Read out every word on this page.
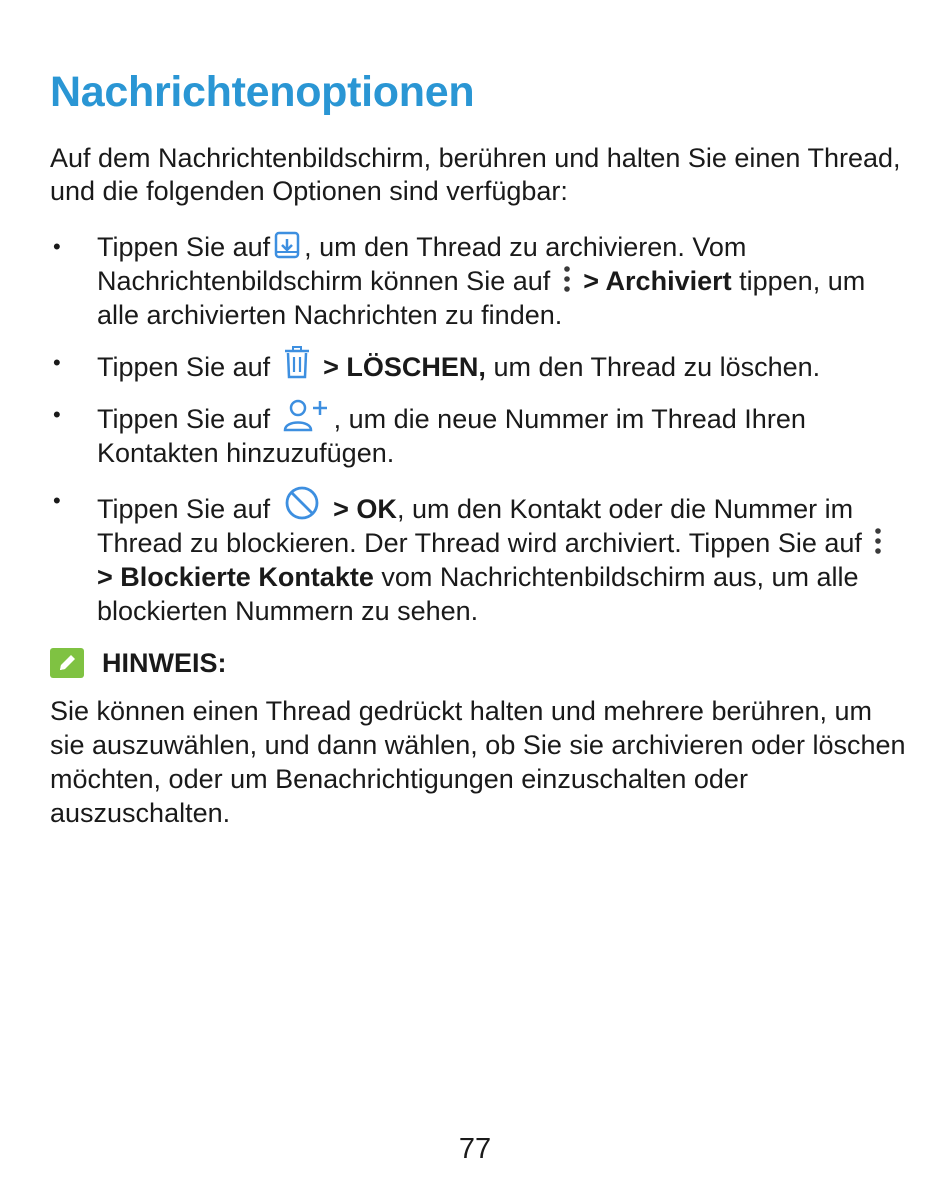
Nachrichtenoptionen

Auf dem Nachrichtenbildschirm, berühren und halten Sie einen Thread, und die folgenden Optionen sind verfügbar:

• Tippen Sie auf , um den Thread zu archivieren. Vom Nachrichtenbildschirm können Sie auf > Archiviert tippen, um alle archivierten Nachrichten zu finden.
• Tippen Sie auf > LÖSCHEN, um den Thread zu löschen.
• Tippen Sie auf , um die neue Nummer im Thread Ihren Kontakten hinzuzufügen.
• Tippen Sie auf > OK, um den Kontakt oder die Nummer im Thread zu blockieren. Der Thread wird archiviert. Tippen Sie auf
> Blockierte Kontakte vom Nachrichtenbildschirm aus, um alle blockierten Nummern zu sehen.
HINWEIS:

Sie können einen Thread gedrückt halten und mehrere berühren, um sie auszuwählen, und dann wählen, ob Sie sie archivieren oder löschen möchten, oder um Benachrichtigungen einzuschalten oder auszuschalten.

77
